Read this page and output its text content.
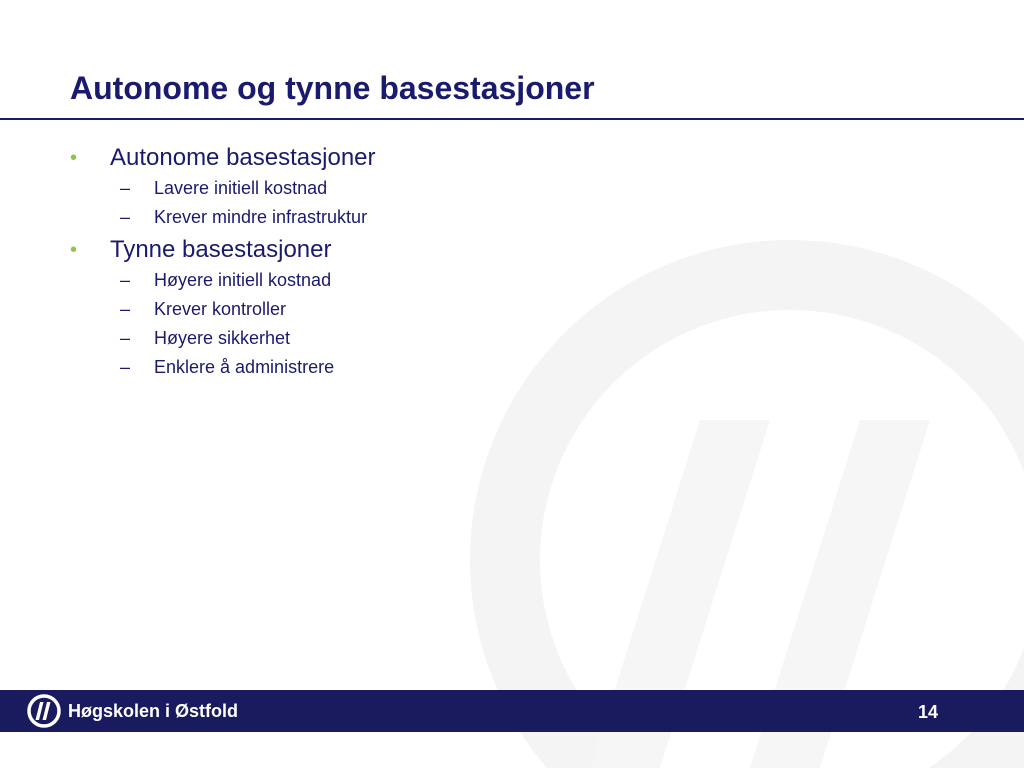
Autonome og tynne basestasjoner
• Autonome basestasjoner
– Lavere initiell kostnad
– Krever mindre infrastruktur
• Tynne basestasjoner
– Høyere initiell kostnad
– Krever kontroller
– Høyere sikkerhet
– Enklere å administrere
Høgskolen i Østfold	14
